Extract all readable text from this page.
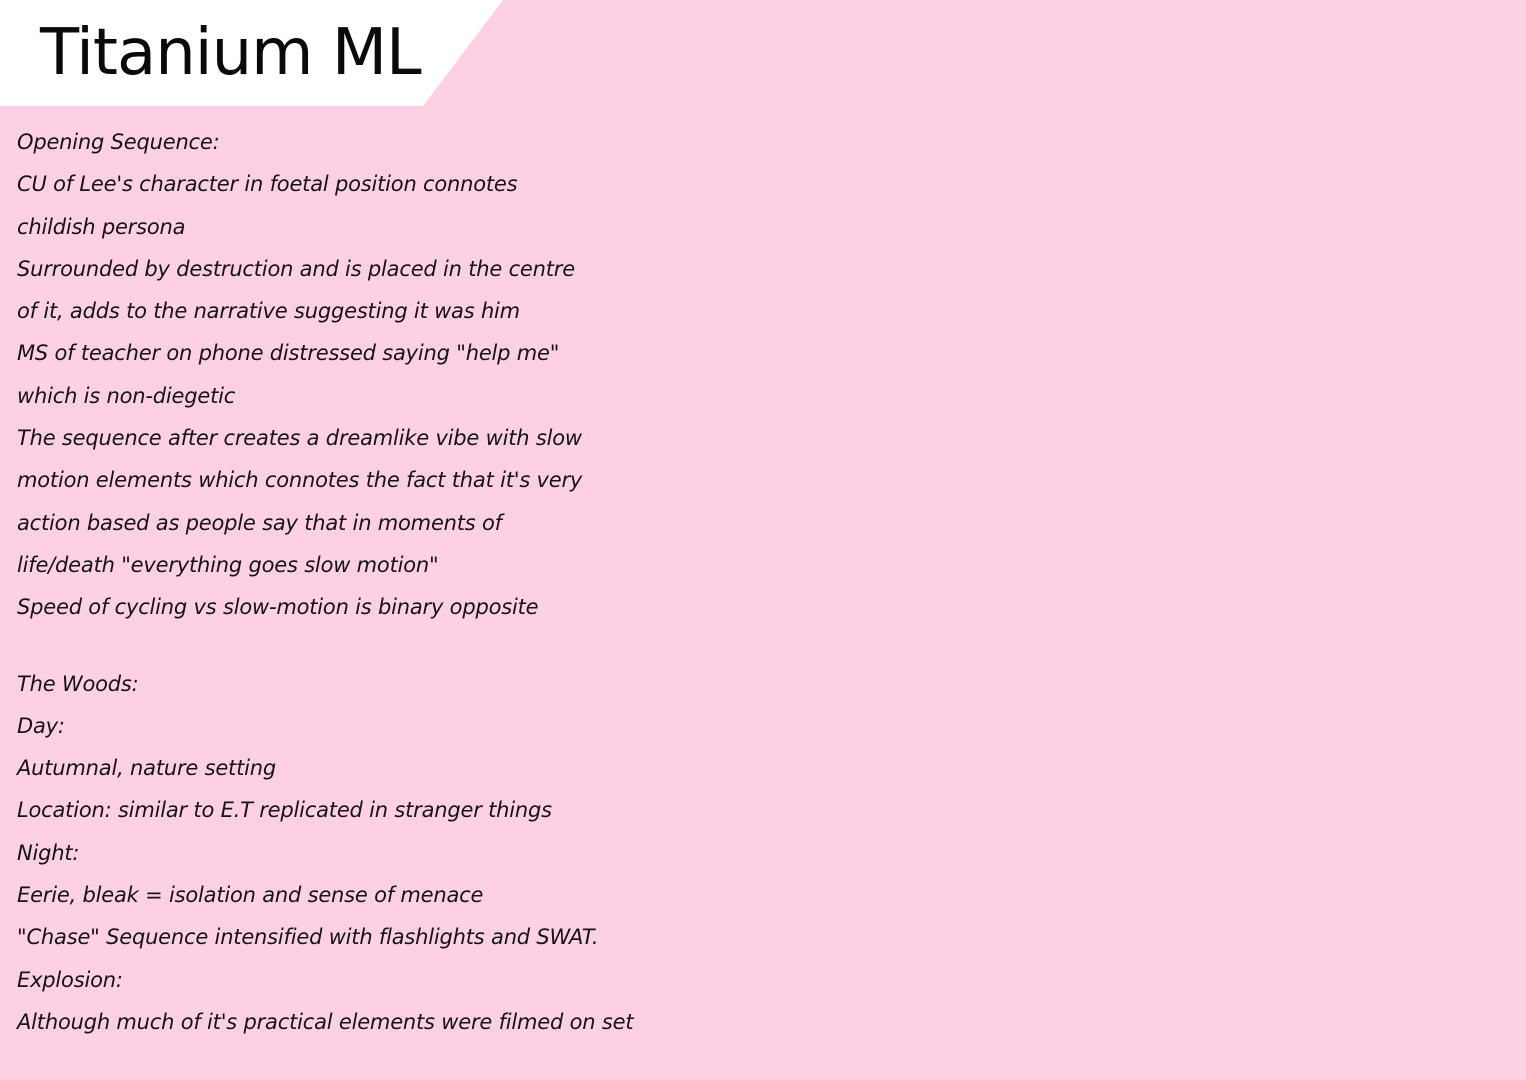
Titanium ML
Opening Sequence:
CU of Lee's character in foetal position connotes
childish persona
Surrounded by destruction and is placed in the centre
of it, adds to the narrative suggesting it was him
MS of teacher on phone distressed saying "help me"
which is non-diegetic
The sequence after creates a dreamlike vibe with slow
motion elements which connotes the fact that it's very
action based as people say that in moments of
life/death "everything goes slow motion"
Speed of cycling vs slow-motion is binary opposite
The Woods:
Day:
Autumnal, nature setting
Location: similar to E.T replicated in stranger things
Night:
Eerie, bleak = isolation and sense of menace
"Chase" Sequence intensified with flashlights and SWAT.
Explosion:
Although much of it's practical elements were filmed on set
